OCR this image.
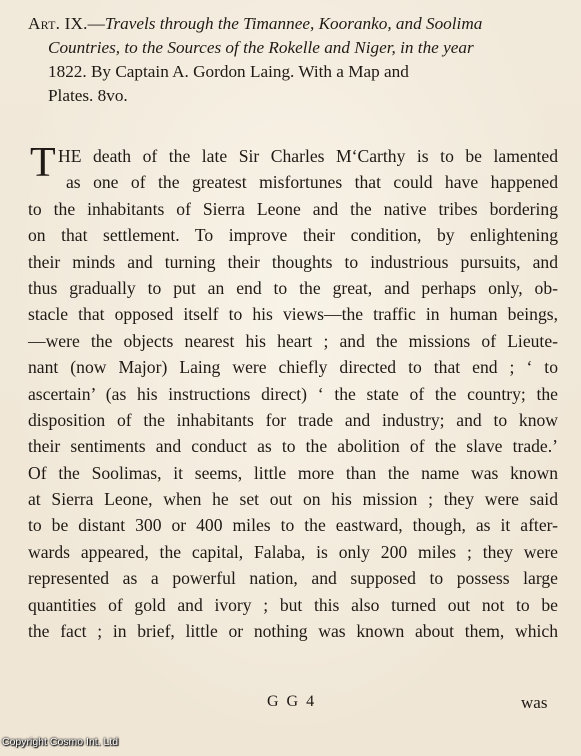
Art. IX.—Travels through the Timannee, Kooranko, and Soolima
Countries, to the Sources of the Rokelle and Niger, in the year
1822. By Captain A. Gordon Laing. With a Map and
Plates. 8vo.
T HE death of the late Sir Charles M‘Carthy is to be lamented
as one of the greatest misfortunes that could have happened
to the inhabitants of Sierra Leone and the native tribes bordering
on that settlement. To improve their condition, by enlightening
their minds and turning their thoughts to industrious pursuits, and
thus gradually to put an end to the great, and perhaps only, ob-
stacle that opposed itself to his views—the traffic in human beings,
—were the objects nearest his heart ; and the missions of Lieute-
nant (now Major) Laing were chiefly directed to that end ; ‘ to
ascertain’ (as his instructions direct) ‘ the state of the country; the
disposition of the inhabitants for trade and industry; and to know
their sentiments and conduct as to the abolition of the slave trade.’
Of the Soolimas, it seems, little more than the name was known
at Sierra Leone, when he set out on his mission ; they were said
to be distant 300 or 400 miles to the eastward, though, as it after-
wards appeared, the capital, Falaba, is only 200 miles ; they were
represented as a powerful nation, and supposed to possess large
quantities of gold and ivory ; but this also turned out not to be
the fact ; in brief, little or nothing was known about them, which
G G 4	was
Copyright Cosmo Int. Ltd
